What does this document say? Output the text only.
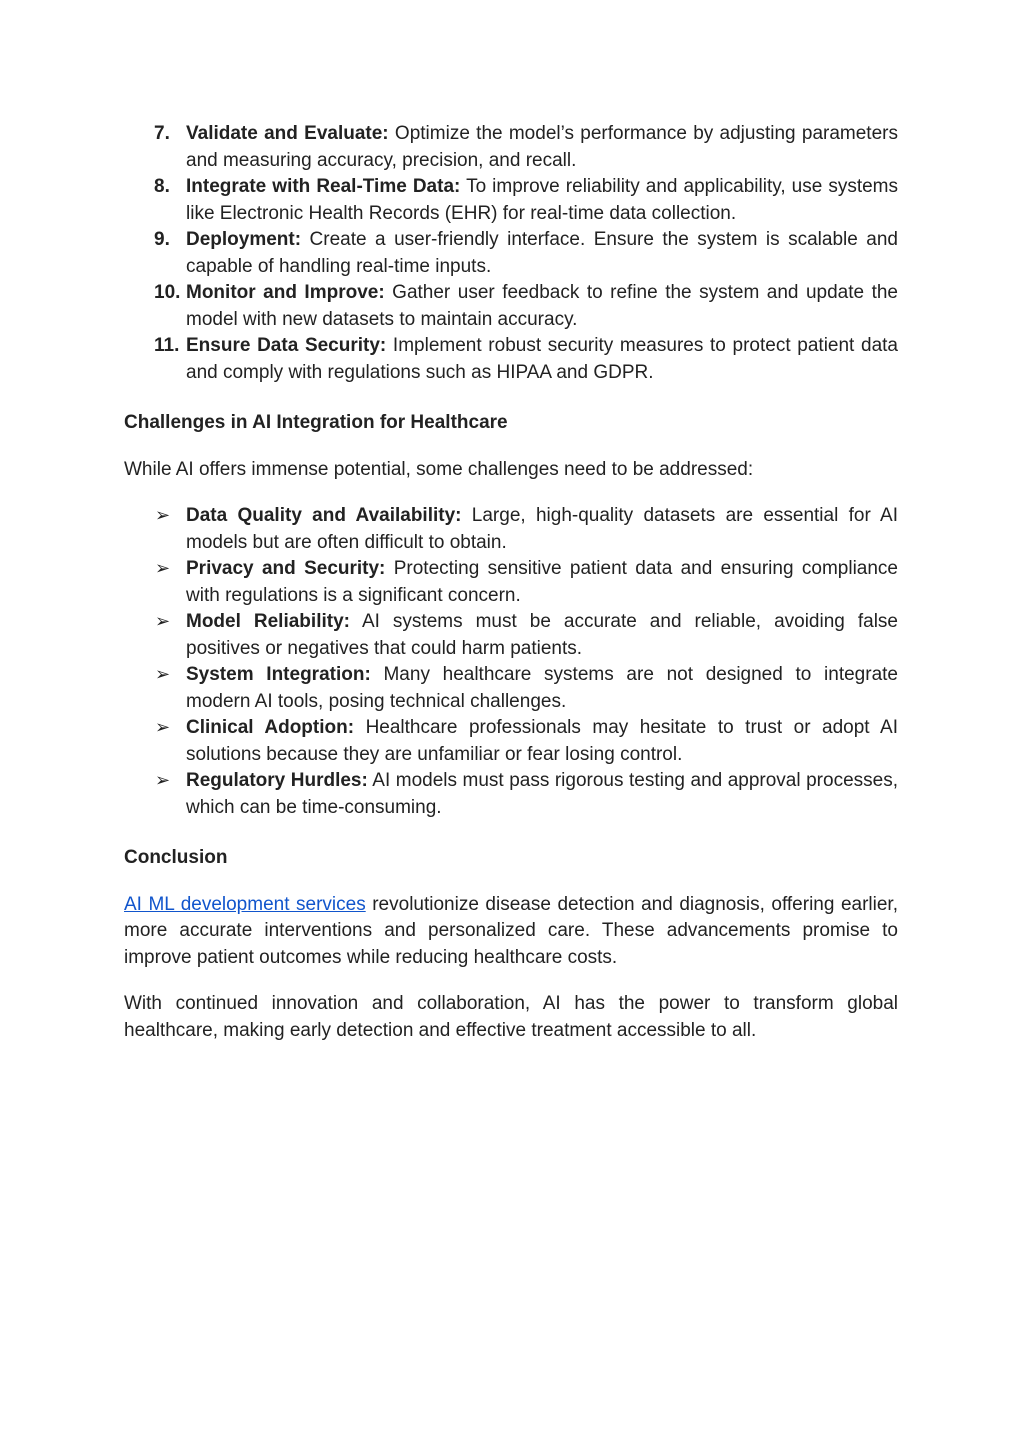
7. Validate and Evaluate: Optimize the model’s performance by adjusting parameters and measuring accuracy, precision, and recall.
8. Integrate with Real-Time Data: To improve reliability and applicability, use systems like Electronic Health Records (EHR) for real-time data collection.
9. Deployment: Create a user-friendly interface. Ensure the system is scalable and capable of handling real-time inputs.
10. Monitor and Improve: Gather user feedback to refine the system and update the model with new datasets to maintain accuracy.
11. Ensure Data Security: Implement robust security measures to protect patient data and comply with regulations such as HIPAA and GDPR.
Challenges in AI Integration for Healthcare

While AI offers immense potential, some challenges need to be addressed:

➢ Data Quality and Availability: Large, high-quality datasets are essential for AI models but are often difficult to obtain.
➢ Privacy and Security: Protecting sensitive patient data and ensuring compliance with regulations is a significant concern.
➢ Model Reliability: AI systems must be accurate and reliable, avoiding false positives or negatives that could harm patients.
➢ System Integration: Many healthcare systems are not designed to integrate modern AI tools, posing technical challenges.
➢ Clinical Adoption: Healthcare professionals may hesitate to trust or adopt AI solutions because they are unfamiliar or fear losing control.
➢ Regulatory Hurdles: AI models must pass rigorous testing and approval processes, which can be time-consuming.
Conclusion

AI ML development services revolutionize disease detection and diagnosis, offering earlier, more accurate interventions and personalized care. These advancements promise to improve patient outcomes while reducing healthcare costs.

With continued innovation and collaboration, AI has the power to transform global healthcare, making early detection and effective treatment accessible to all.
